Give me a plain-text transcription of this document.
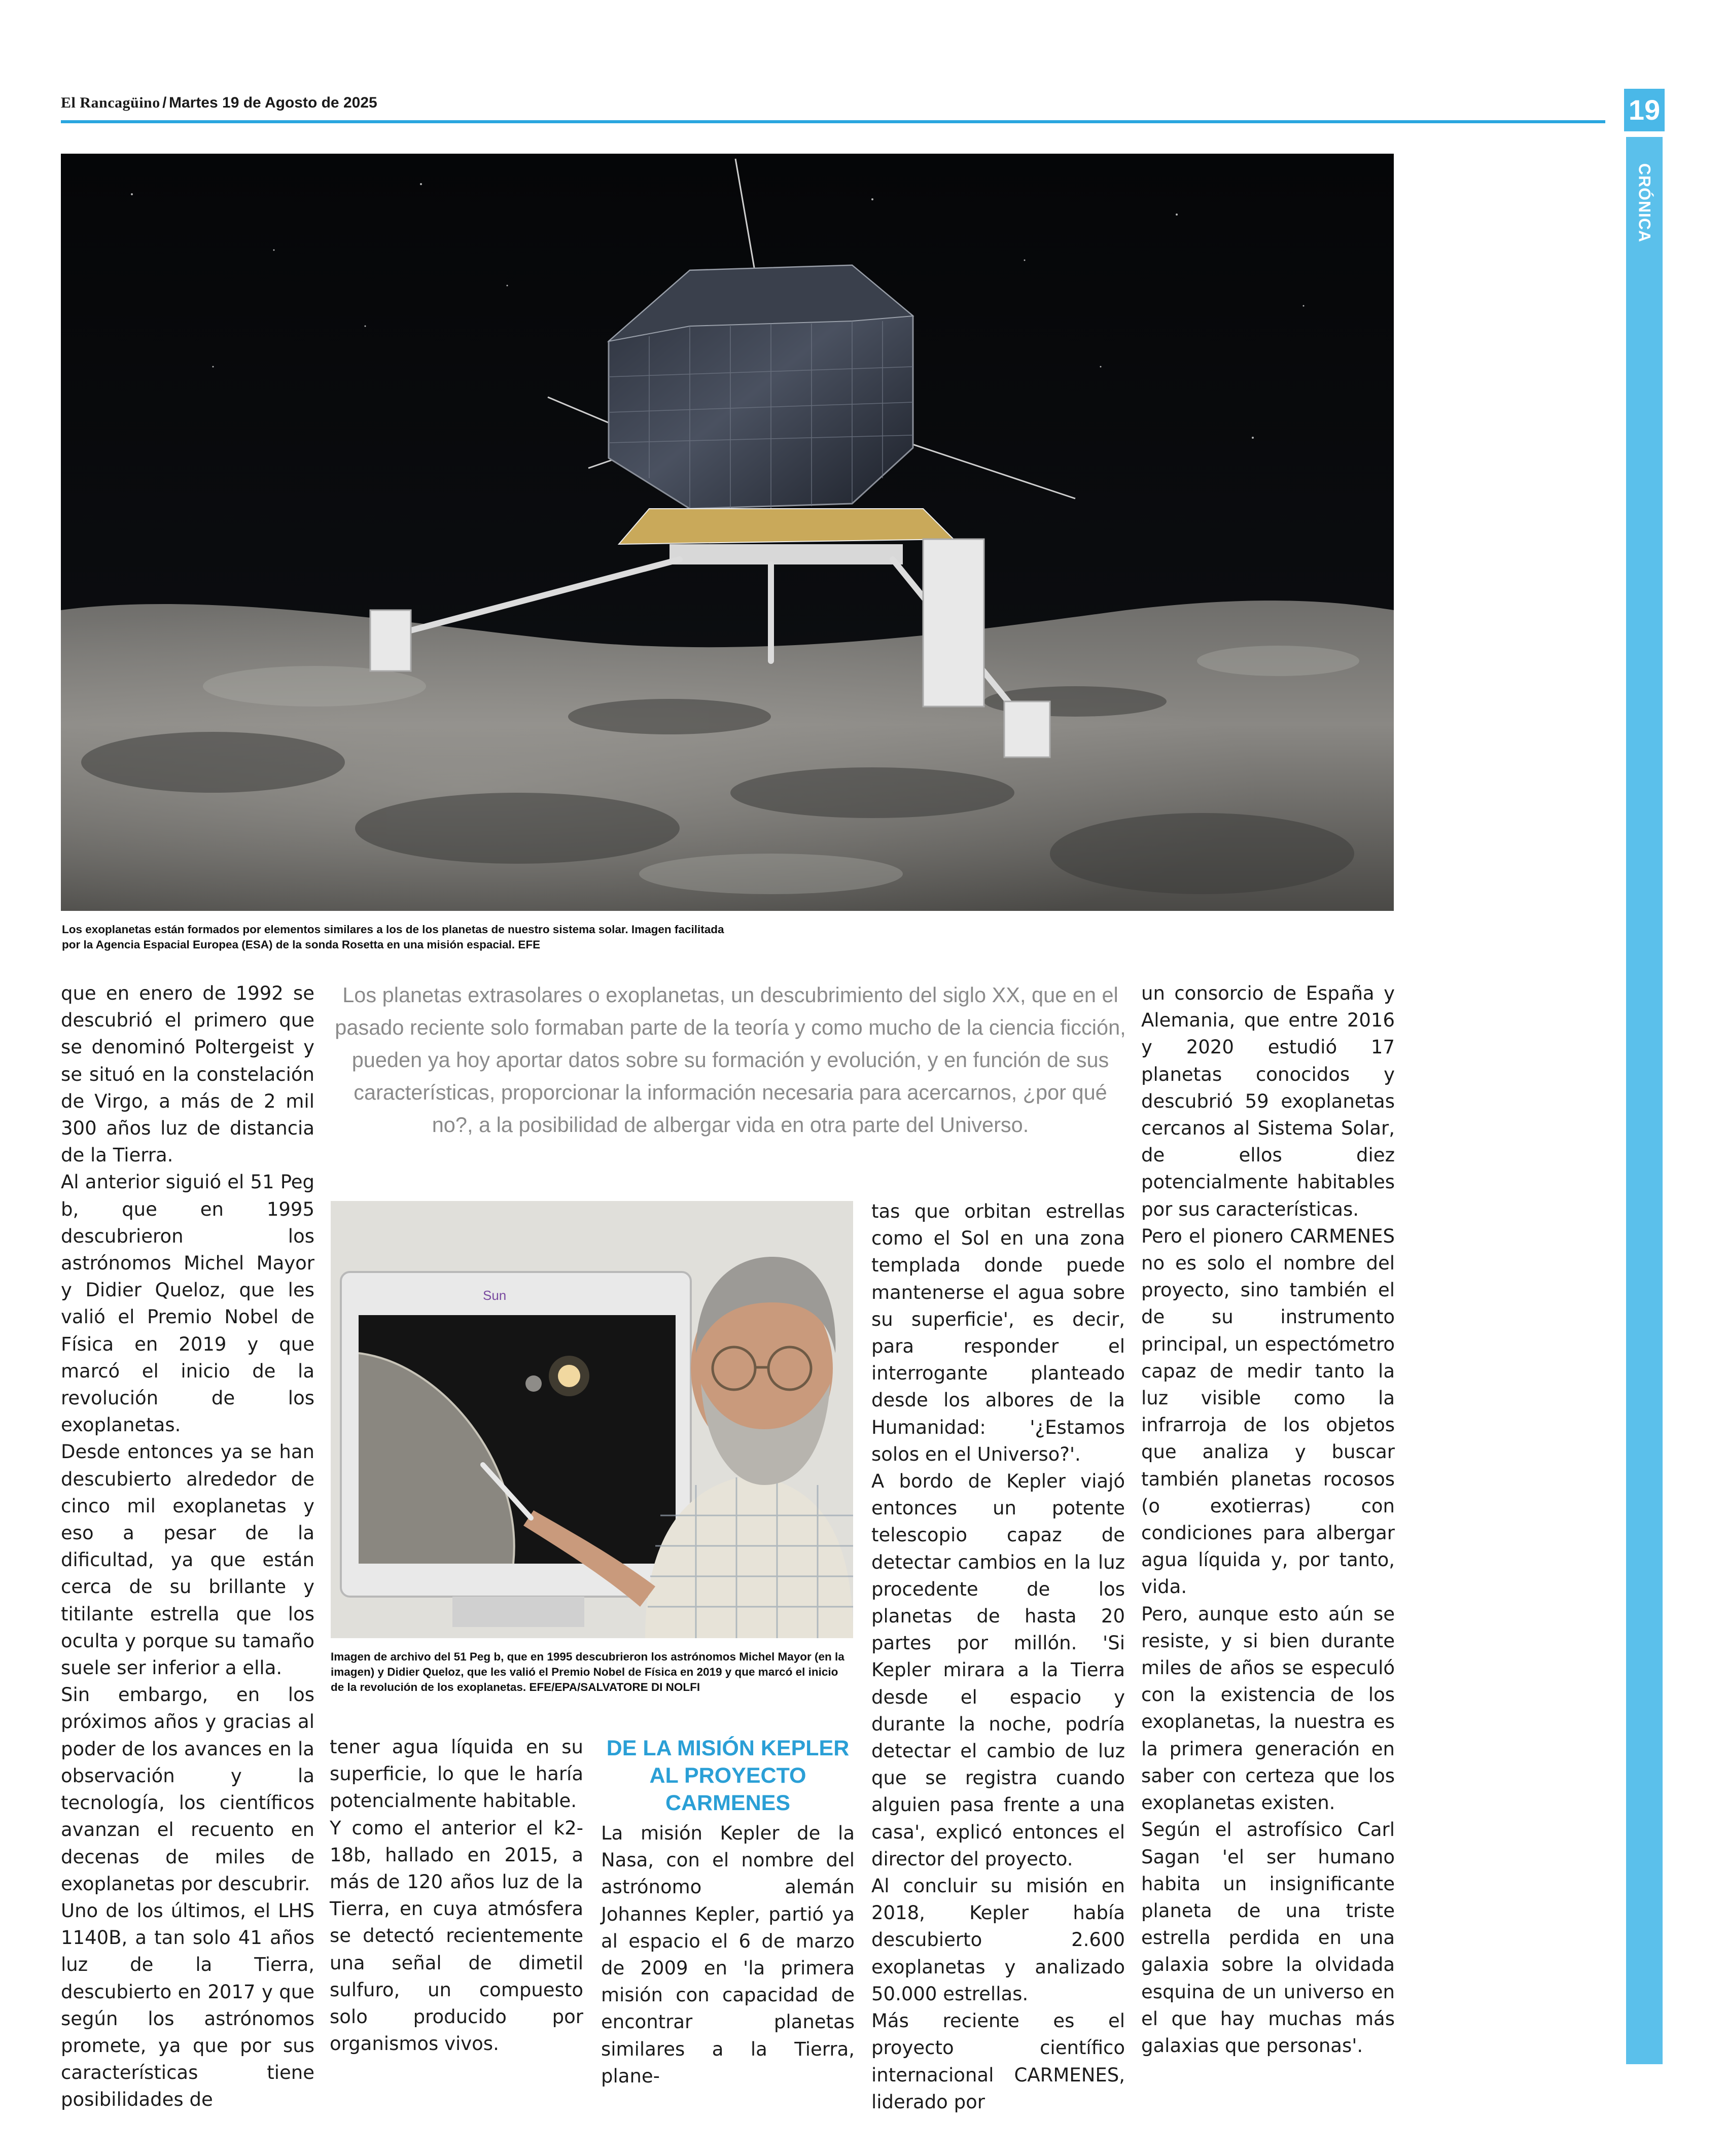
El Rancagüino / Martes 19 de Agosto de 2025	19
CRÓNICA
Los exoplanetas están formados por elementos similares a los de los planetas de nuestro sistema solar. Imagen facilitada
por la Agencia Espacial Europea (ESA) de la sonda Rosetta en una misión espacial. EFE
Los planetas extrasolares o exoplanetas, un descubrimiento del siglo XX, que en el pasado reciente solo formaban parte de la teoría y como mucho de la ciencia ficción, pueden ya hoy aportar datos sobre su formación y evolución, y en función de sus características, proporcionar la información necesaria para acercarnos, ¿por qué no?, a la posibilidad de albergar vida en otra parte del Universo.

que en enero de 1992 se descubrió el primero que se denominó Poltergeist y se situó en la constelación de Virgo, a más de 2 mil 300 años luz de distancia de la Tierra.

Al anterior siguió el 51 Peg b, que en 1995 descubrieron los astrónomos Michel Mayor y Didier Queloz, que les valió el Premio Nobel de Física en 2019 y que marcó el inicio de la revolución de los exoplanetas.

Desde entonces ya se han descubierto alrededor de cinco mil exoplanetas y eso a pesar de la dificultad, ya que están cerca de su brillante y titilante estrella que los oculta y porque su tamaño suele ser inferior a ella.

Sin embargo, en los próximos años y gracias al poder de los avances en la observación y la tecnología, los científicos avanzan el recuento en decenas de miles de exoplanetas por descubrir.

Uno de los últimos, el LHS 1140B, a tan solo 41 años luz de la Tierra, descubierto en 2017 y que según los astrónomos promete, ya que por sus características tiene posibilidades de

Sun
Imagen de archivo del 51 Peg b, que en 1995 descubrieron los astrónomos Michel Mayor (en la imagen) y Didier Queloz, que les valió el Premio Nobel de Física en 2019 y que marcó el inicio de la revolución de los exoplanetas. EFE/EPA/SALVATORE DI NOLFI

tener agua líquida en su superficie, lo que le haría potencialmente habitable.

Y como el anterior el k2-18b, hallado en 2015, a más de 120 años luz de la Tierra, en cuya atmósfera se detectó recientemente una señal de dimetil sulfuro, un compuesto solo producido por organismos vivos.

DE LA MISIÓN KEPLER AL PROYECTO CARMENES

La misión Kepler de la Nasa, con el nombre del astrónomo alemán Johannes Kepler, partió ya al espacio el 6 de marzo de 2009 en 'la primera misión con capacidad de encontrar planetas similares a la Tierra, plane-

tas que orbitan estrellas como el Sol en una zona templada donde puede mantenerse el agua sobre su superficie', es decir, para responder el interrogante planteado desde los albores de la Humanidad: '¿Estamos solos en el Universo?'.

A bordo de Kepler viajó entonces un potente telescopio capaz de detectar cambios en la luz procedente de los planetas de hasta 20 partes por millón. 'Si Kepler mirara a la Tierra desde el espacio y durante la noche, podría detectar el cambio de luz que se registra cuando alguien pasa frente a una casa', explicó entonces el director del proyecto.

Al concluir su misión en 2018, Kepler había descubierto 2.600 exoplanetas y analizado 50.000 estrellas.

Más reciente es el proyecto científico internacional CARMENES, liderado por

un consorcio de España y Alemania, que entre 2016 y 2020 estudió 17 planetas conocidos y descubrió 59 exoplanetas cercanos al Sistema Solar, de ellos diez potencialmente habitables por sus características.

Pero el pionero CARMENES no es solo el nombre del proyecto, sino también el de su instrumento principal, un espectómetro capaz de medir tanto la luz visible como la infrarroja de los objetos que analiza y buscar también planetas rocosos (o exotierras) con condiciones para albergar agua líquida y, por tanto, vida.

Pero, aunque esto aún se resiste, y si bien durante miles de años se especuló con la existencia de los exoplanetas, la nuestra es la primera generación en saber con certeza que los exoplanetas existen.

Según el astrofísico Carl Sagan 'el ser humano habita un insignificante planeta de una triste estrella perdida en una galaxia sobre la olvidada esquina de un universo en el que hay muchas más galaxias que personas'.
